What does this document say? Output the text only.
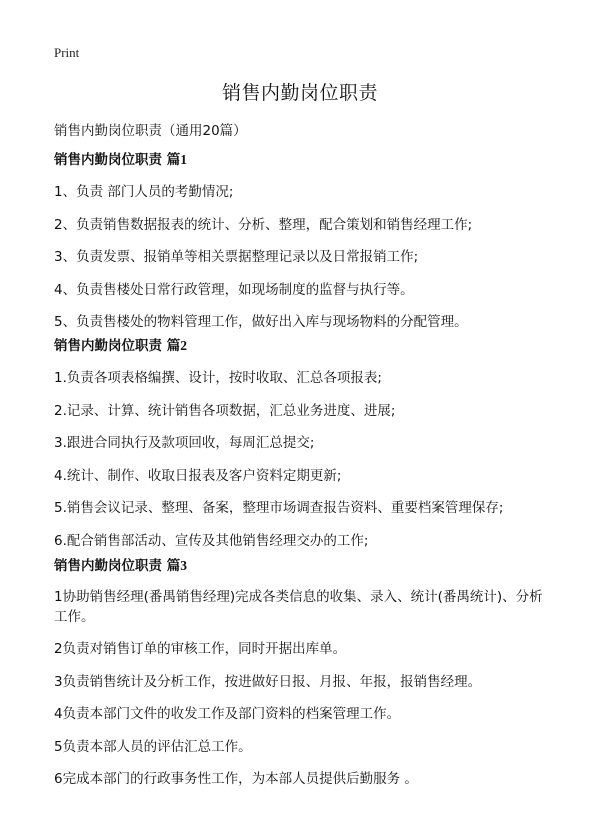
Print
销售内勤岗位职责
销售内勤岗位职责（通用20篇）
销售内勤岗位职责 篇1
1、负责 部门人员的考勤情况;
2、负责销售数据报表的统计、分析、整理，配合策划和销售经理工作;
3、负责发票、报销单等相关票据整理记录以及日常报销工作;
4、负责售楼处日常行政管理，如现场制度的监督与执行等。
5、负责售楼处的物料管理工作，做好出入库与现场物料的分配管理。
销售内勤岗位职责 篇2
1.负责各项表格编撰、设计，按时收取、汇总各项报表;
2.记录、计算、统计销售各项数据，汇总业务进度、进展;
3.跟进合同执行及款项回收，每周汇总提交;
4.统计、制作、收取日报表及客户资料定期更新;
5.销售会议记录、整理、备案，整理市场调查报告资料、重要档案管理保存;
6.配合销售部活动、宣传及其他销售经理交办的工作;
销售内勤岗位职责 篇3
1协助销售经理(番禺销售经理)完成各类信息的收集、录入、统计(番禺统计)、分析工作。
2负责对销售订单的审核工作，同时开据出库单。
3负责销售统计及分析工作，按进做好日报、月报、年报，报销售经理。
4负责本部门文件的收发工作及部门资料的档案管理工作。
5负责本部人员的评估汇总工作。
6完成本部门的行政事务性工作，为本部人员提供后勤服务 。
